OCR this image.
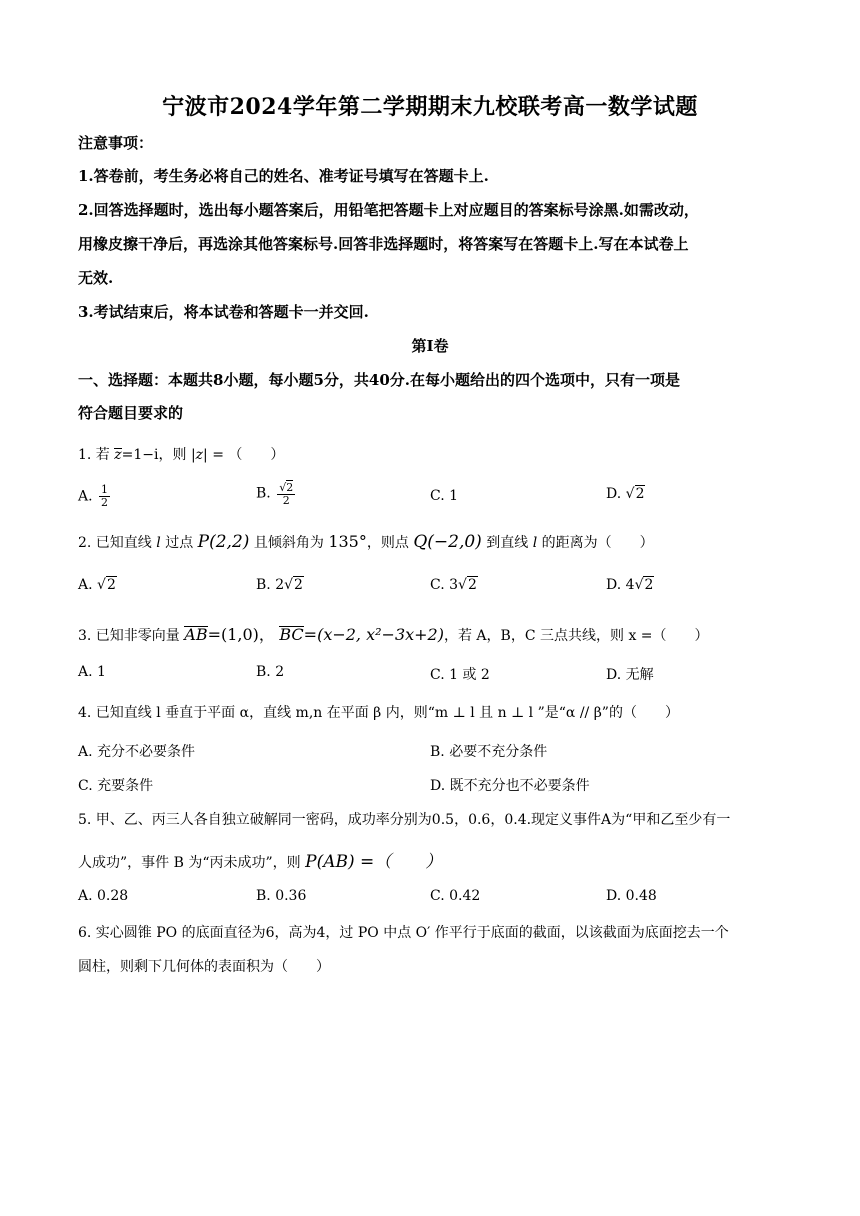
宁波市2024学年第二学期期末九校联考高一数学试题
注意事项：
1.答卷前，考生务必将自己的姓名、准考证号填写在答题卡上.
2.回答选择题时，选出每小题答案后，用铅笔把答题卡上对应题目的答案标号涂黑.如需改动，
用橡皮擦干净后，再选涂其他答案标号.回答非选择题时，将答案写在答题卡上.写在本试卷上
无效.
3.考试结束后，将本试卷和答题卡一并交回.
第Ⅰ卷
一、选择题：本题共8小题，每小题5分，共40分.在每小题给出的四个选项中，只有一项是
符合题目要求的
1. 若 z=1−i，则 |z| = （　　）
A. $\frac{1}{2}$	B. $\frac{√2}{2}$	C. 1	D. √2
2. 已知直线 l 过点 P(2,2) 且倾斜角为 135°，则点 Q(−2,0) 到直线 l 的距离为（　　）
A. √2	B. 2√2	C. 3√2	D. 4√2
3. 已知非零向量 AB=(1,0)， BC=(x−2, x²−3x+2)，若 A，B，C 三点共线，则 x =（　　）
A. 1	B. 2	C. 1 或 2	D. 无解
4. 已知直线 l 垂直于平面 α，直线 m,n 在平面 β 内，则“m ⊥ l 且 n ⊥ l ”是“α // β”的（　　）
A. 充分不必要条件	B. 必要不充分条件
C. 充要条件	D. 既不充分也不必要条件
5. 甲、乙、丙三人各自独立破解同一密码，成功率分别为0.5，0.6，0.4.现定义事件A为“甲和乙至少有一
人成功”，事件 B 为“丙未成功”，则 P(AB) =（　　）
A. 0.28	B. 0.36	C. 0.42	D. 0.48
6. 实心圆锥 PO 的底面直径为6，高为4，过 PO 中点 O′ 作平行于底面的截面，以该截面为底面挖去一个
圆柱，则剩下几何体的表面积为（　　）
